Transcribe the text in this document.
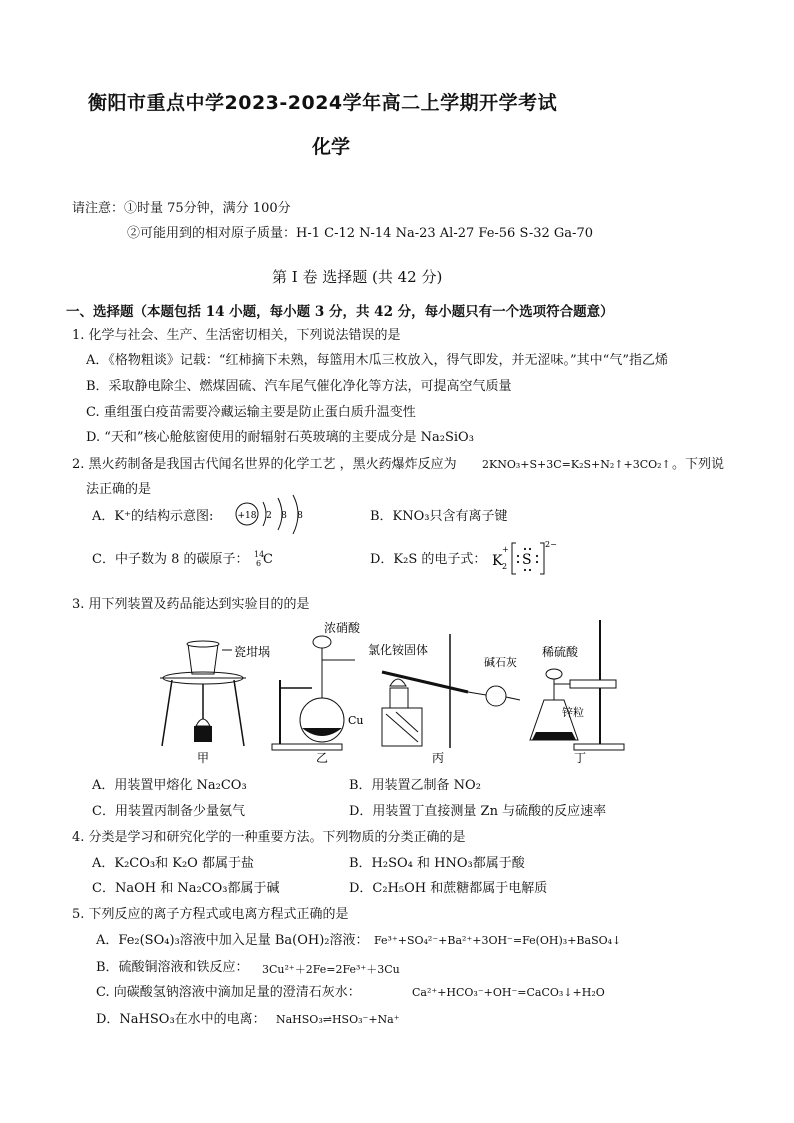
衡阳市重点中学2023-2024学年高二上学期开学考试
化学
请注意：①时量 75分钟，满分 100分
②可能用到的相对原子质量：H-1 C-12 N-14 Na-23 Al-27 Fe-56 S-32 Ga-70
第 I 卷 选择题 (共 42 分)
一、选择题（本题包括 14 小题，每小题 3 分，共 42 分，每小题只有一个选项符合题意）
1. 化学与社会、生产、生活密切相关，下列说法错误的是
A．《格物粗谈》记载：“红柿摘下未熟，每篮用木瓜三枚放入，得气即发，并无涩味。”其中“气”指乙烯
B．采取静电除尘、燃煤固硫、汽车尾气催化净化等方法，可提高空气质量
C. 重组蛋白疫苗需要冷藏运输主要是防止蛋白质升温变性
D. “天和”核心舱舷窗使用的耐辐射石英玻璃的主要成分是 Na₂SiO₃
2. 黑火药制备是我国古代闻名世界的化学工艺 ，黑火药爆炸反应为 2KNO₃+S+3C=K₂S+N₂↑+3CO₂↑ 。下列说
法正确的是
A．K⁺的结构示意图:	+18 2 8 8	B．KNO₃只含有离子键
C．中子数为 8 的碳原子： 14
6 C	D．K₂S 的电子式： K
+
2 S
2−
3. 用下列装置及药品能达到实验目的的是
瓷坩埚
甲
浓硝酸
Cu
乙
氯化铵固体
碱石灰
丙
稀硫酸
锌粒
丁
A．用装置甲熔化 Na₂CO₃	B．用装置乙制备 NO₂
C．用装置丙制备少量氨气	D．用装置丁直接测量 Zn 与硫酸的反应速率
4. 分类是学习和研究化学的一种重要方法。下列物质的分类正确的是
A．K₂CO₃和 K₂O 都属于盐	B．H₂SO₄ 和 HNO₃都属于酸
C．NaOH 和 Na₂CO₃都属于碱	D．C₂H₅OH 和蔗糖都属于电解质
5. 下列反应的离子方程式或电离方程式正确的是
A．Fe₂(SO₄)₃溶液中加入足量 Ba(OH)₂溶液： Fe³⁺+SO₄²⁻+Ba²⁺+3OH⁻=Fe(OH)₃+BaSO₄↓
B．硫酸铜溶液和铁反应： 3Cu²⁺＋2Fe=2Fe³⁺＋3Cu
C. 向碳酸氢钠溶液中滴加足量的澄清石灰水：	Ca²⁺+HCO₃⁻+OH⁻=CaCO₃↓+H₂O
D．NaHSO₃在水中的电离： NaHSO₃⇌HSO₃⁻+Na⁺
